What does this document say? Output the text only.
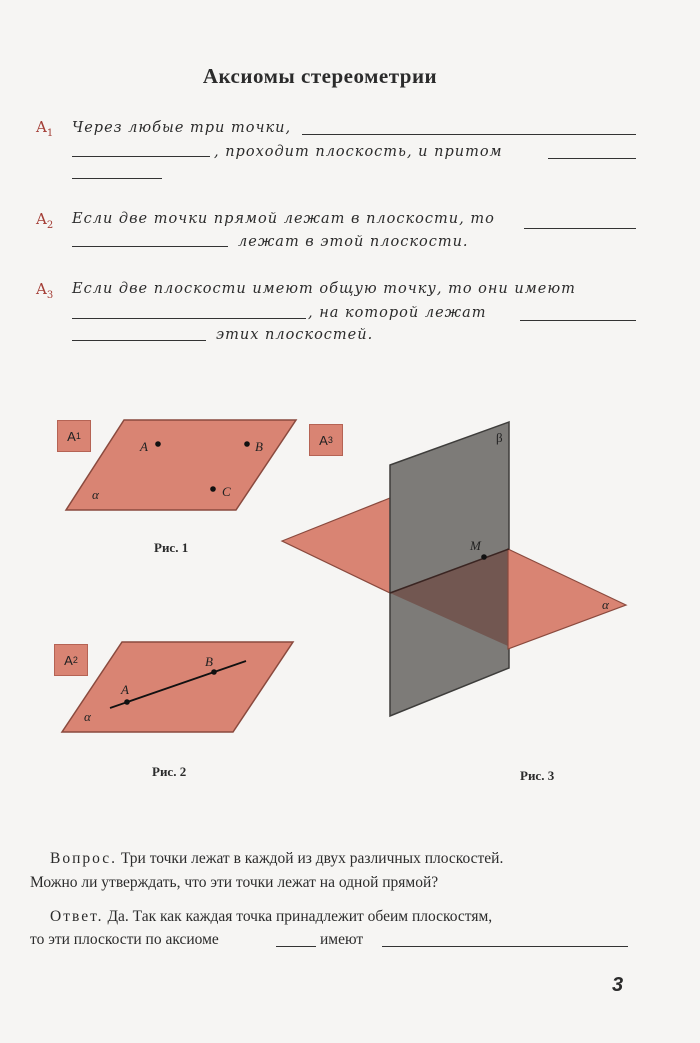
Аксиомы стереометрии
$A_1$ Через любые три точки,
, проходит плоскость, и притом
$A_2$ Если две точки прямой лежат в плоскости, то
лежат в этой плоскости.
$A_3$ Если две плоскости имеют общую точку, то они имеют
, на которой лежат
этих плоскостей.
A 1	A 3
A 2
A	B
C
α
A
B
α
M
β
α
Рис. 1
Рис. 2	Рис. 3
Вопрос. Три точки лежат в каждой из двух различных плоскостей.
Можно ли утверждать, что эти точки лежат на одной прямой?
Ответ. Да. Так как каждая точка принадлежит обеим плоскостям,
то эти плоскости по аксиоме	имеют
3
